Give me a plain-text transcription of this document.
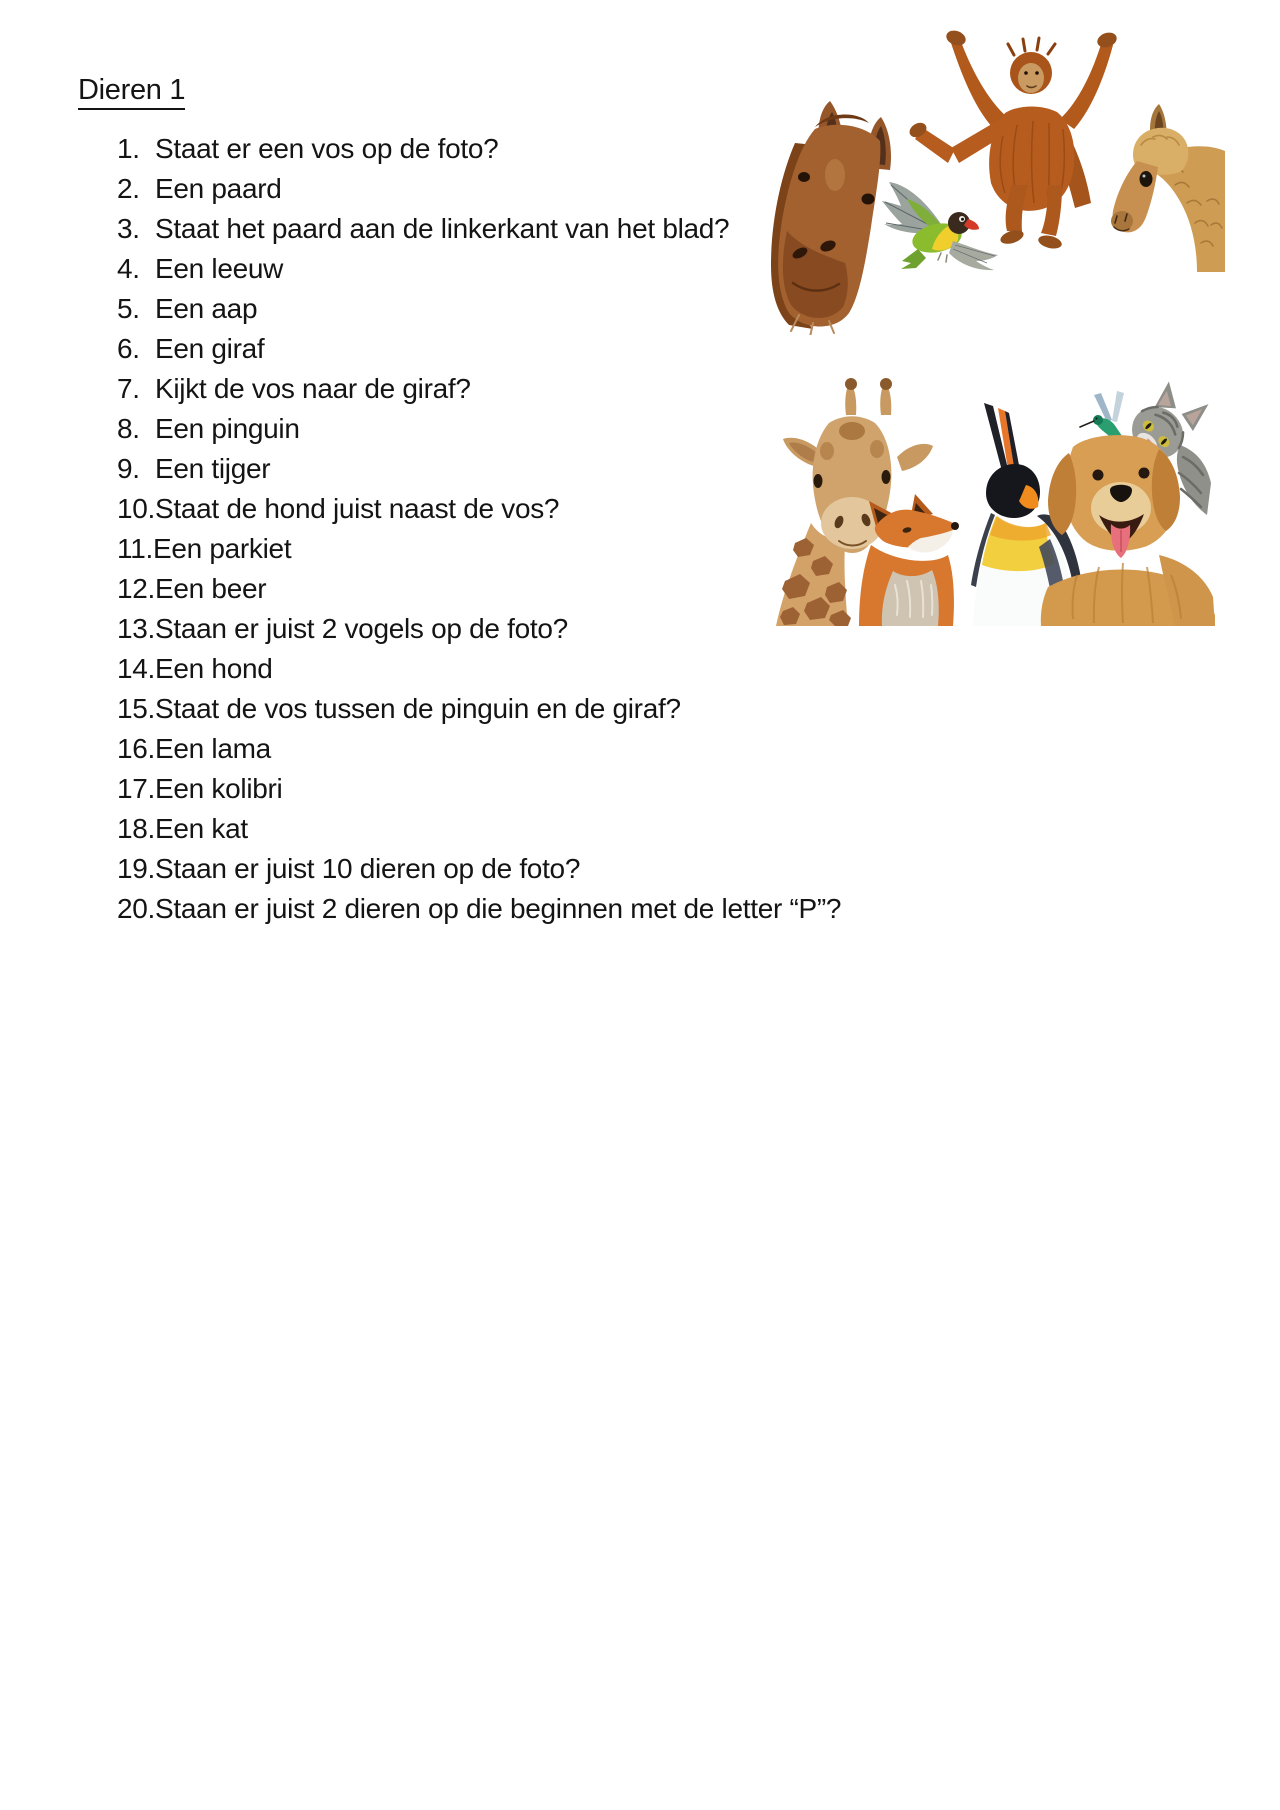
Dieren 1
1. Staat er een vos op de foto?
2. Een paard
3. Staat het paard aan de linkerkant van het blad?
4. Een leeuw
5. Een aap
6. Een giraf
7. Kijkt de vos naar de giraf?
8. Een pinguin
9. Een tijger
10.Staat de hond juist naast de vos?
11.Een parkiet
12.Een beer
13.Staan er juist 2 vogels op de foto?
14.Een hond
15.Staat de vos tussen de pinguin en de giraf?
16.Een lama
17.Een kolibri
18.Een kat
19.Staan er juist 10 dieren op de foto?
20.Staan er juist 2 dieren op die beginnen met de letter “P”?
